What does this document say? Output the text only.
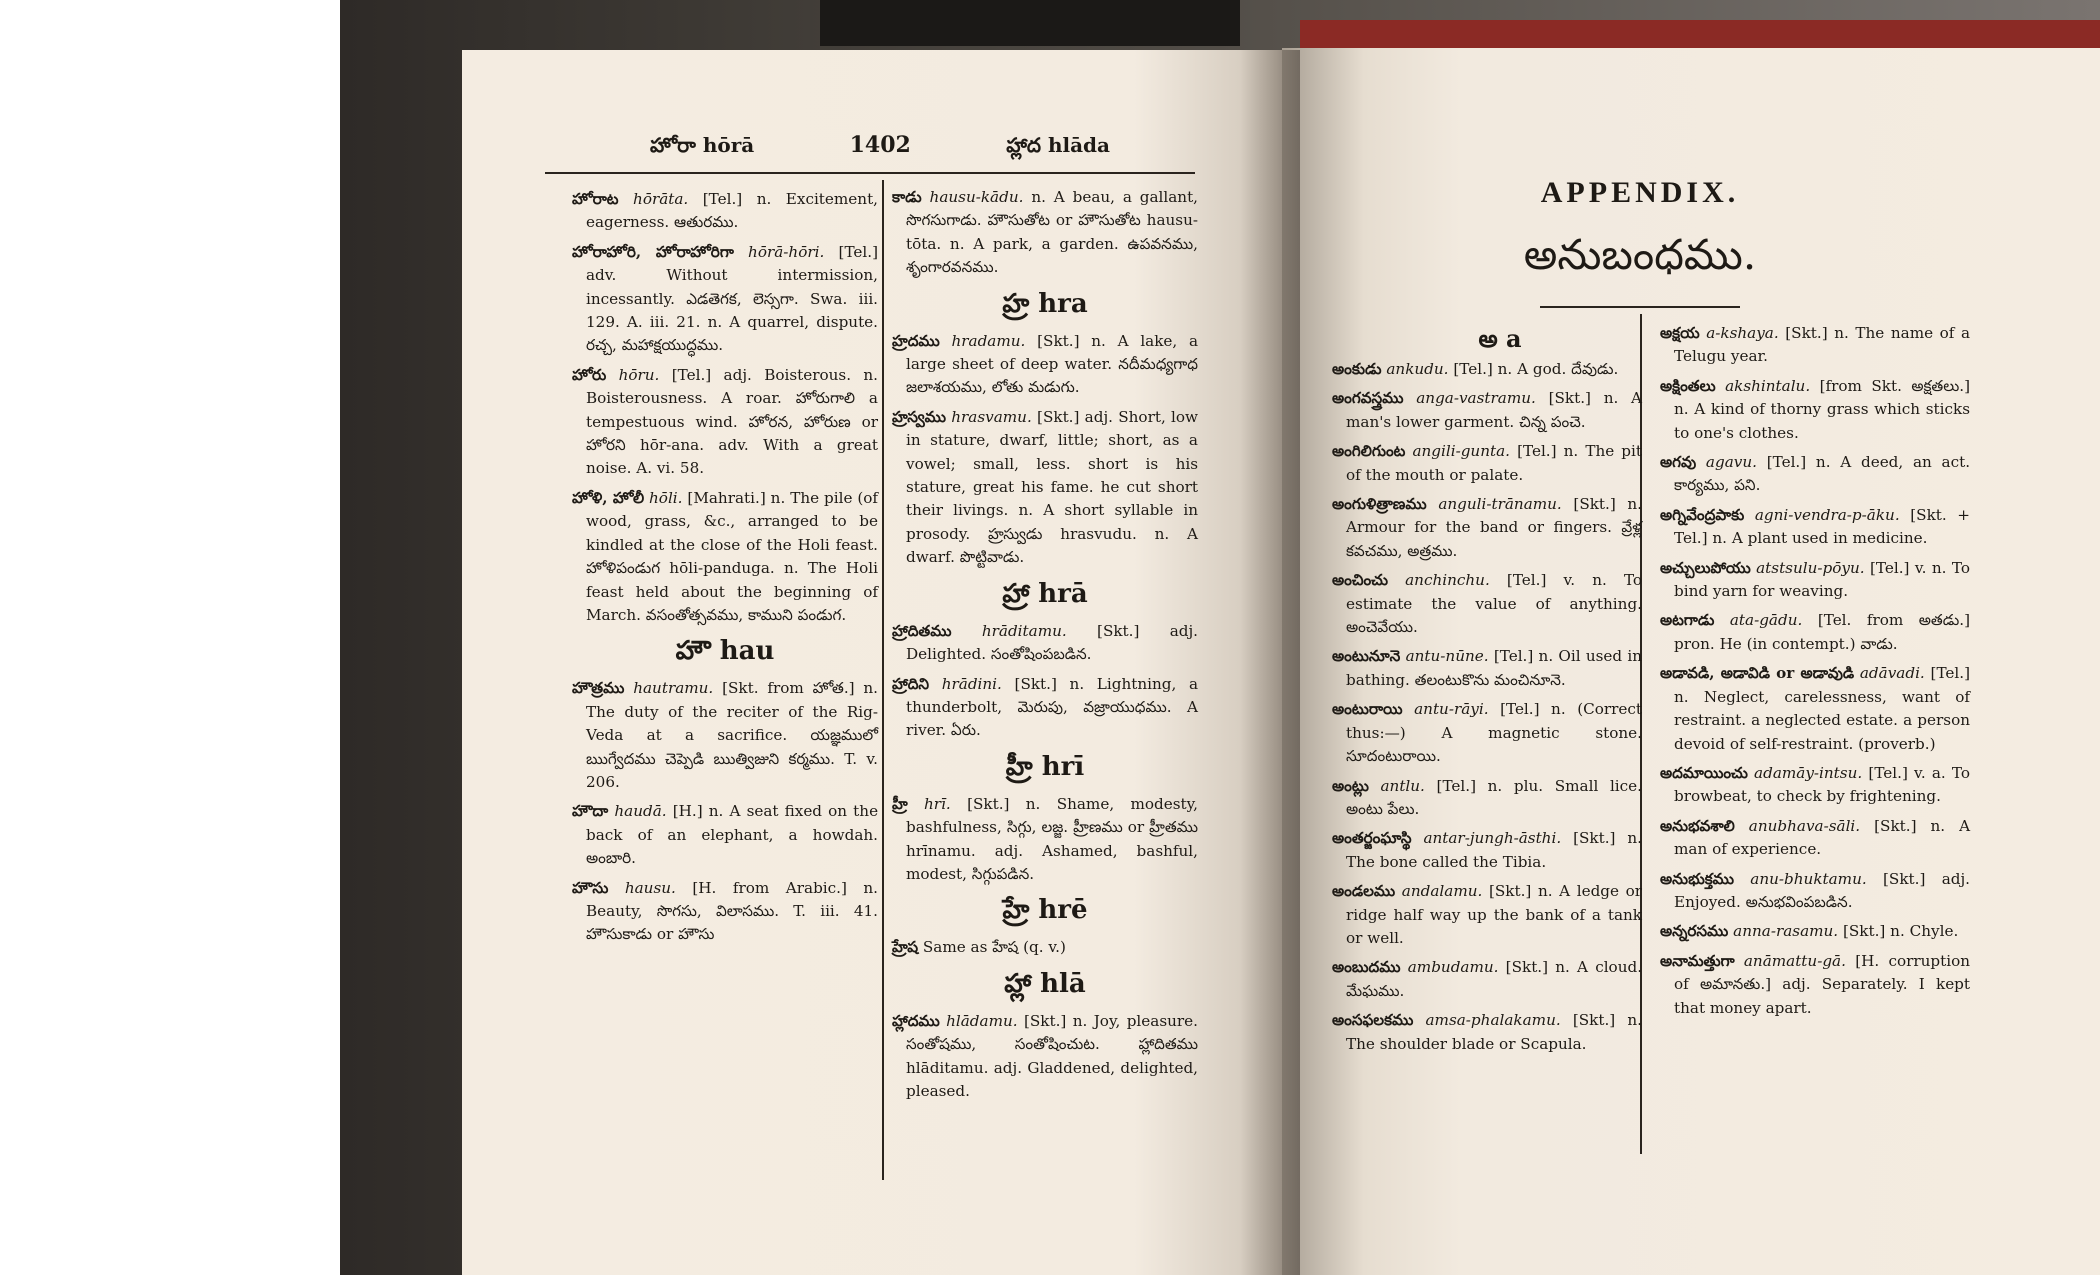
హోరా hōrā	1402	హ్లాద hlāda

హోరాట hōrāta. [Tel.] n. Excitement, eagerness. ఆతురము.

హోరాహోరి, హోరాహోరిగా hōrā-hōri. [Tel.] adv.	Without intermission, incessantly. ఎడతెగక, లెస్సగా. Swa. iii. 129. A. iii. 21. n. A quarrel, dispute. రచ్చ, మహాక్షయుద్ధము.

హోరు hōru. [Tel.] adj. Boisterous. n. Boisterousness. A roar. హోరుగాలి a tempestuous wind. హోరన, హోరుణ or హోరని hōr-ana. adv. With a great noise. A. vi. 58.

హోళి, హోలీ hōli. [Mahrati.] n. The pile (of wood, grass, &c., arranged to be kindled at the close of the Holi feast. హోళిపండుగ hōli-panduga. n. The Holi feast held about the beginning of March. వసంతోత్సవము, కాముని పండుగ.

హౌ hau

హౌత్రము hautramu. [Skt. from హోత.] n. The duty of the reciter of the Rig-Veda at a sacrifice. యజ్ఞములో ఋగ్వేదము చెప్పెడి ఋత్విజుని కర్మము. T. v. 206.

హౌదా haudā. [H.] n. A seat fixed on the back of an elephant, a howdah. అంబారి.

హౌసు hausu. [H. from Arabic.] n. Beauty, సొగసు, విలాసము. T. iii. 41. హౌసుకాడు or హౌసు

కాడు hausu-kādu. n. A beau, a gallant, సొగసుగాడు. హౌసుతోట or హౌసుతోట hausu-tōta. n. A park, a garden. ఉపవనము, శృంగారవనము.

హ్ర hra

హ్రదము hradamu. [Skt.] n. A lake, a large sheet of deep water. నదీమధ్యగాధ జలాశయము, లోతు మడుగు.

హ్రస్వము hrasvamu. [Skt.] adj. Short, low in stature, dwarf, little; short, as a vowel; small, less. short is his stature, great his fame. he cut short their livings. n. A short syllable in prosody. హ్రస్వుడు hrasvudu. n. A dwarf. పొట్టివాడు.

హ్రా hrā

హ్రాదితము hrāditamu. [Skt.] adj. Delighted. సంతోషింపబడిన.

హ్రాదిని hrādini. [Skt.] n. Lightning, a thunderbolt, మెరుపు, వజ్రాయుధము. A river. ఏరు.

హ్రీ hrī

హ్రీ hrī. [Skt.] n. Shame, modesty, bashfulness, సిగ్గు, లజ్జ. హ్రీణము or హ్రీతము hrīnamu. adj. Ashamed, bashful, modest, సిగ్గుపడిన.

హ్రే hrē

హ్రేష Same as హేష (q. v.)

హ్లా hlā

హ్లాదము hlādamu. [Skt.] n. Joy, pleasure. సంతోషము, సంతోషించుట. హ్లాదితము hlāditamu. adj. Gladdened, delighted, pleased.

APPENDIX.
అనుబంధము.
అ a

అంకుడు ankudu. [Tel.] n. A god. దేవుడు.

అంగవస్త్రము anga-vastramu. [Skt.] n. A man's lower garment. చిన్న పంచె.

అంగిలిగుంట angili-gunta. [Tel.] n. The pit of the mouth or palate.

అంగుళిత్రాణము anguli-trānamu. [Skt.] n. Armour for the band or fingers. వ్రేళ్ల కవచము, అత్రము.

అంచించు anchinchu. [Tel.] v. n. To estimate the value of anything. అంచెవేయు.

అంటునూనె antu-nūne. [Tel.] n. Oil used in bathing. తలంటుకొను మంచినూనె.

అంటురాయి antu-rāyi. [Tel.] n. (Correct thus:—) A magnetic stone. సూదంటురాయి.

అంట్లు antlu. [Tel.] n. plu. Small lice. అంటు పేలు.

అంతర్జంఘాస్థి antar-jungh-āsthi. [Skt.] n. The bone called the Tibia.

అండలము andalamu. [Skt.] n. A ledge or ridge half way up the bank of a tank or well.

అంబుదము ambudamu. [Skt.] n. A cloud. మేఘము.

అంసఫలకము amsa-phalakamu. [Skt.] n. The shoulder blade or Scapula.

అక్షయ a-kshaya. [Skt.] n. The name of a Telugu year.

అక్షింతలు akshintalu. [from Skt. అక్షతలు.] n. A kind of thorny grass which sticks to one's clothes.

అగవు agavu. [Tel.] n. A deed, an act. కార్యము, పని.

అగ్నివేంద్రపాకు agni-vendra-p-āku. [Skt. + Tel.] n. A plant used in medicine.

అచ్చులుపోయు atstsulu-pōyu. [Tel.] v. n. To bind yarn for weaving.

అటగాడు ata-gādu. [Tel. from అతడు.] pron. He (in contempt.) వాడు.

అడావడి, అడావిడి or అడావుడి adāvadi. [Tel.] n. Neglect, carelessness, want of restraint. a neglected estate. a person devoid of self-restraint. (proverb.)

అదమాయించు adamāy-intsu. [Tel.] v. a. To browbeat, to check by frightening.

అనుభవశాలి anubhava-sāli. [Skt.] n. A man of experience.

అనుభుక్తము anu-bhuktamu. [Skt.] adj. Enjoyed. అనుభవింపబడిన.

అన్నరసము anna-rasamu. [Skt.] n. Chyle.

అనామత్తుగా anāmattu-gā. [H. corruption of అమానతు.] adj. Separately. I kept that money apart.
